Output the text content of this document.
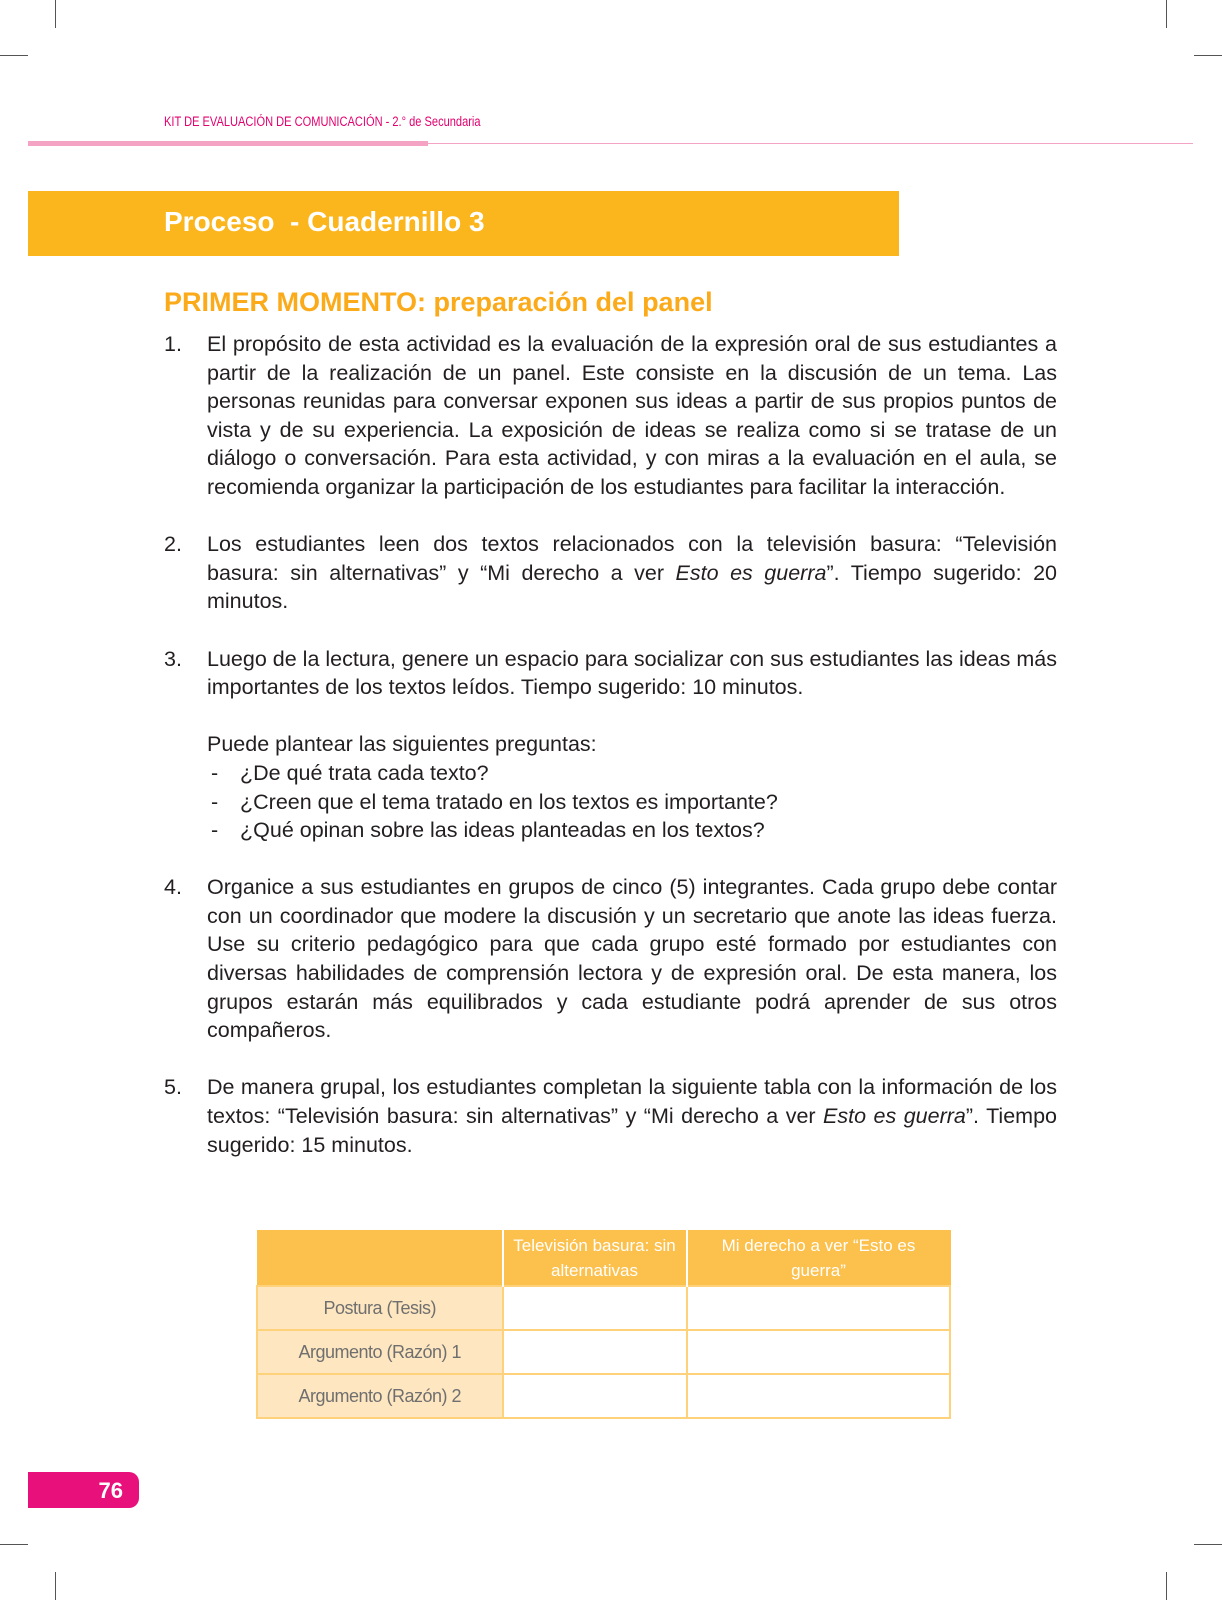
KIT DE EVALUACIÓN DE COMUNICACIÓN - 2.° de Secundaria
Proceso  - Cuadernillo 3
PRIMER MOMENTO: preparación del panel
1.	El propósito de esta actividad es la evaluación de la expresión oral de sus estudiantes a partir de la realización de un panel. Este consiste en la discusión de un tema. Las personas reunidas para conversar exponen sus ideas a partir de sus propios puntos de vista y de su experiencia. La exposición de ideas se realiza como si se tratase de un diálogo o conversación. Para esta actividad, y con miras a la evaluación en el aula, se recomienda organizar la participación de los estudiantes para facilitar la interacción.

2.	Los estudiantes leen dos textos relacionados con la televisión basura: “Televisión basura: sin alternativas” y “Mi derecho a ver Esto es guerra”. Tiempo sugerido: 20 minutos.

3.	Luego de la lectura, genere un espacio para socializar con sus estudiantes las ideas más importantes de los textos leídos. Tiempo sugerido: 10 minutos.

Puede plantear las siguientes preguntas:

-	¿De qué trata cada texto?
-	¿Creen que el tema tratado en los textos es importante?
-	¿Qué opinan sobre las ideas planteadas en los textos?
4.	Organice a sus estudiantes en grupos de cinco (5) integrantes. Cada grupo debe contar con un coordinador que modere la discusión y un secretario que anote las ideas fuerza. Use su criterio pedagógico para que cada grupo esté formado por estudiantes con diversas habilidades de comprensión lectora y de expresión oral. De esta manera, los grupos estarán más equilibrados y cada estudiante podrá aprender de sus otros compañeros.

5.	De manera grupal, los estudiantes completan la siguiente tabla con la información de los textos: “Televisión basura: sin alternativas” y “Mi derecho a ver Esto es guerra”. Tiempo sugerido: 15 minutos.

	Televisión basura: sin alternativas	Mi derecho a ver “Esto es guerra”
Postura (Tesis)		
Argumento (Razón) 1		
Argumento (Razón) 2		
76
